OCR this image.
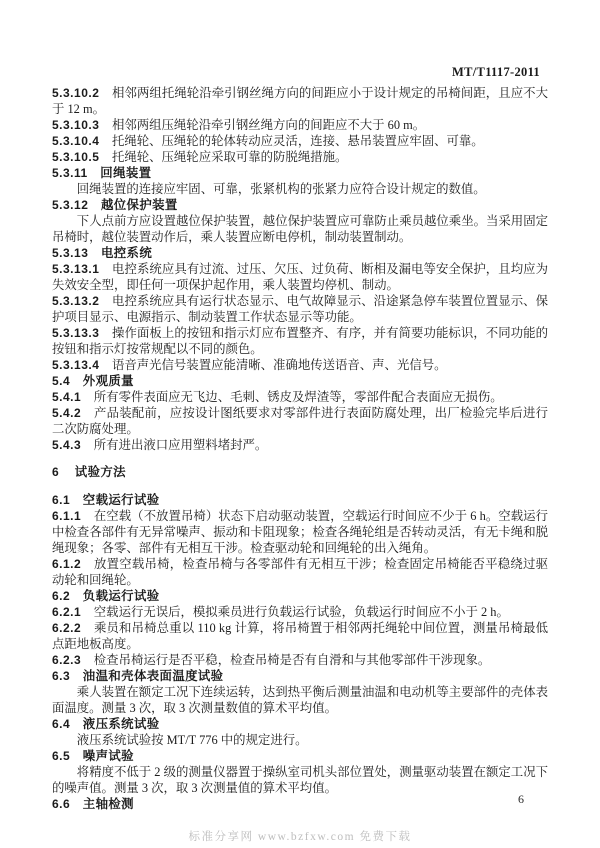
MT/T1117-2011

5.3.10.2 相邻两组托绳轮沿牵引钢丝绳方向的间距应小于设计规定的吊椅间距，且应不大于 12 m。

5.3.10.3 相邻两组压绳轮沿牵引钢丝绳方向的间距应不大于 60 m。

5.3.10.4 托绳轮、压绳轮的轮体转动应灵活，连接、悬吊装置应牢固、可靠。

5.3.10.5 托绳轮、压绳轮应采取可靠的防脱绳措施。

5.3.11 回绳装置

回绳装置的连接应牢固、可靠，张紧机构的张紧力应符合设计规定的数值。

5.3.12 越位保护装置

下人点前方应设置越位保护装置，越位保护装置应可靠防止乘员越位乘坐。当采用固定吊椅时，越位装置动作后，乘人装置应断电停机，制动装置制动。

5.3.13 电控系统

5.3.13.1 电控系统应具有过流、过压、欠压、过负荷、断相及漏电等安全保护，且均应为失效安全型，即任何一项保护起作用，乘人装置均停机、制动。

5.3.13.2 电控系统应具有运行状态显示、电气故障显示、沿途紧急停车装置位置显示、保护项目显示、电源指示、制动装置工作状态显示等功能。

5.3.13.3 操作面板上的按钮和指示灯应布置整齐、有序，并有简要功能标识，不同功能的按钮和指示灯按常规配以不同的颜色。

5.3.13.4 语音声光信号装置应能清晰、准确地传送语音、声、光信号。

5.4 外观质量

5.4.1 所有零件表面应无飞边、毛刺、锈皮及焊渣等，零部件配合表面应无损伤。

5.4.2 产品装配前，应按设计图纸要求对零部件进行表面防腐处理，出厂检验完毕后进行二次防腐处理。

5.4.3 所有进出液口应用塑料堵封严。

6 试验方法

6.1 空载运行试验

6.1.1 在空载（不放置吊椅）状态下启动驱动装置，空载运行时间应不少于 6 h。空载运行中检查各部件有无异常噪声、振动和卡阻现象；检查各绳轮组是否转动灵活，有无卡绳和脱绳现象；各零、部件有无相互干涉。检查驱动轮和回绳轮的出入绳角。

6.1.2 放置空载吊椅，检查吊椅与各零部件有无相互干涉；检查固定吊椅能否平稳绕过驱动轮和回绳轮。

6.2 负载运行试验

6.2.1 空载运行无误后，模拟乘员进行负载运行试验，负载运行时间应不小于 2 h。

6.2.2 乘员和吊椅总重以 110 kg 计算，将吊椅置于相邻两托绳轮中间位置，测量吊椅最低点距地板高度。

6.2.3 检查吊椅运行是否平稳，检查吊椅是否有自滑和与其他零部件干涉现象。

6.3 油温和壳体表面温度试验

乘人装置在额定工况下连续运转，达到热平衡后测量油温和电动机等主要部件的壳体表面温度。测量 3 次，取 3 次测量数值的算术平均值。

6.4 液压系统试验

液压系统试验按 MT/T 776 中的规定进行。

6.5 噪声试验

将精度不低于 2 级的测量仪器置于操纵室司机头部位置处，测量驱动装置在额定工况下的噪声值。测量 3 次，取 3 次测量值的算术平均值。

6.6 主轴检测	6
标准分享网 www.bzfxw.com 免费下载
